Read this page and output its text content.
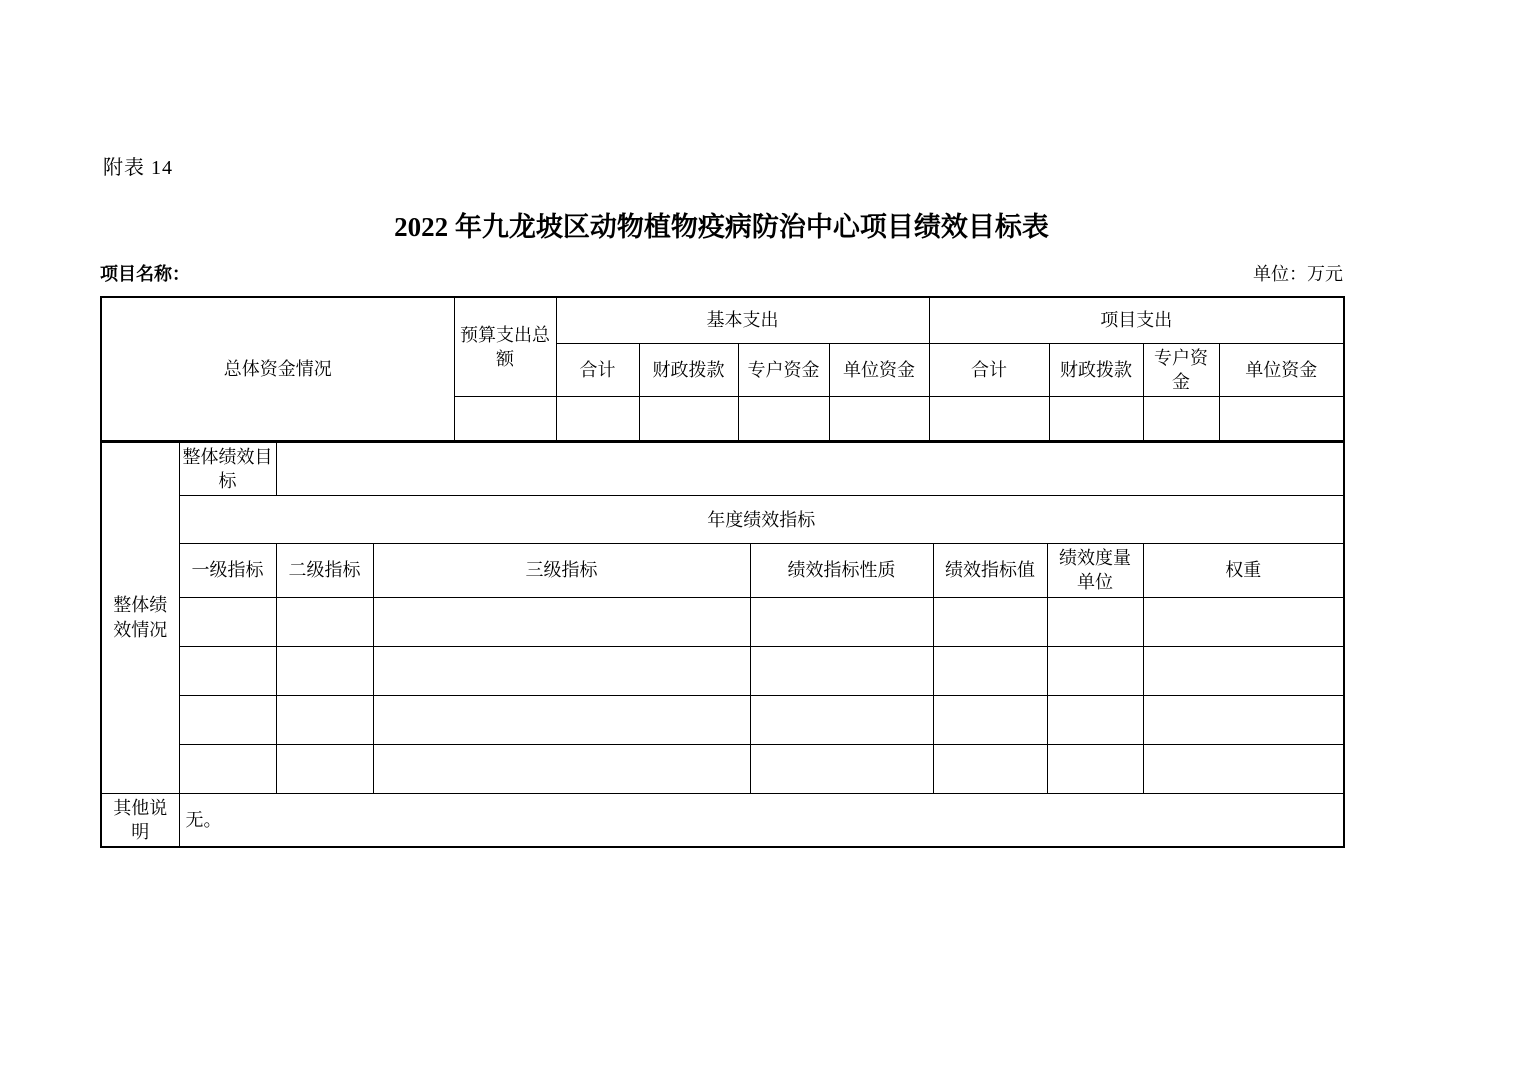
附表 14
2022 年九龙坡区动物植物疫病防治中心项目绩效目标表
项目名称：	单位：万元
总体资金情况	预算支出总额	基本支出				项目支出			
		合计	财政拨款	专户资金	单位资金	合计	财政拨款	专户资金	单位资金

整体绩效情况	整体绩效目标						
	年度绩效指标						
	一级指标	二级指标	三级指标	绩效指标性质	绩效指标值	绩效度量单位	权重

其他说明	无。						
